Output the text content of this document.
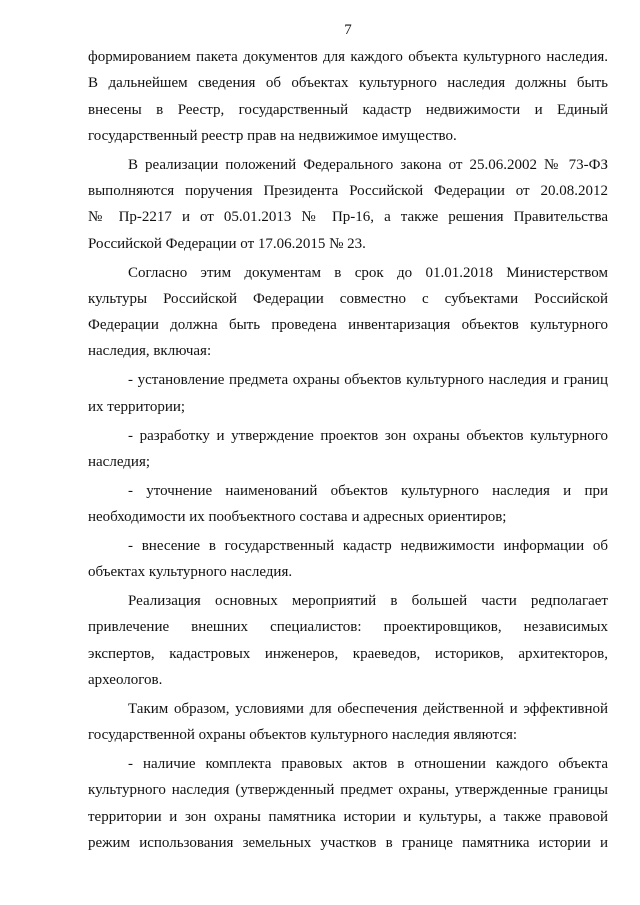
7
формированием пакета документов для каждого объекта культурного наследия.
В дальнейшем сведения об объектах культурного наследия должны быть
внесены в Реестр, государственный кадастр недвижимости и Единый
государственный реестр прав на недвижимое имущество.
В реализации положений Федерального закона от 25.06.2002 № 73-ФЗ
выполняются поручения Президента Российской Федерации от 20.08.2012
№ Пр-2217 и от 05.01.2013 № Пр-16, а также решения Правительства
Российской Федерации от 17.06.2015 № 23.
Согласно этим документам в срок до 01.01.2018 Министерством
культуры Российской Федерации совместно с субъектами Российской
Федерации должна быть проведена инвентаризация объектов культурного
наследия, включая:
- установление предмета охраны объектов культурного наследия и границ
их территории;
- разработку и утверждение проектов зон охраны объектов культурного
наследия;
- уточнение наименований объектов культурного наследия и при
необходимости их пообъектного состава и адресных ориентиров;
- внесение в государственный кадастр недвижимости информации об
объектах культурного наследия.
Реализация основных мероприятий в большей части редполагает
привлечение внешних специалистов: проектировщиков, независимых
экспертов, кадастровых инженеров, краеведов, историков, архитекторов,
археологов.
Таким образом, условиями для обеспечения действенной и эффективной
государственной охраны объектов культурного наследия являются:
- наличие комплекта правовых актов в отношении каждого объекта
культурного наследия (утвержденный предмет охраны, утвержденные границы
территории и зон охраны памятника истории и культуры, а также правовой
режим использования земельных участков в границе памятника истории и
